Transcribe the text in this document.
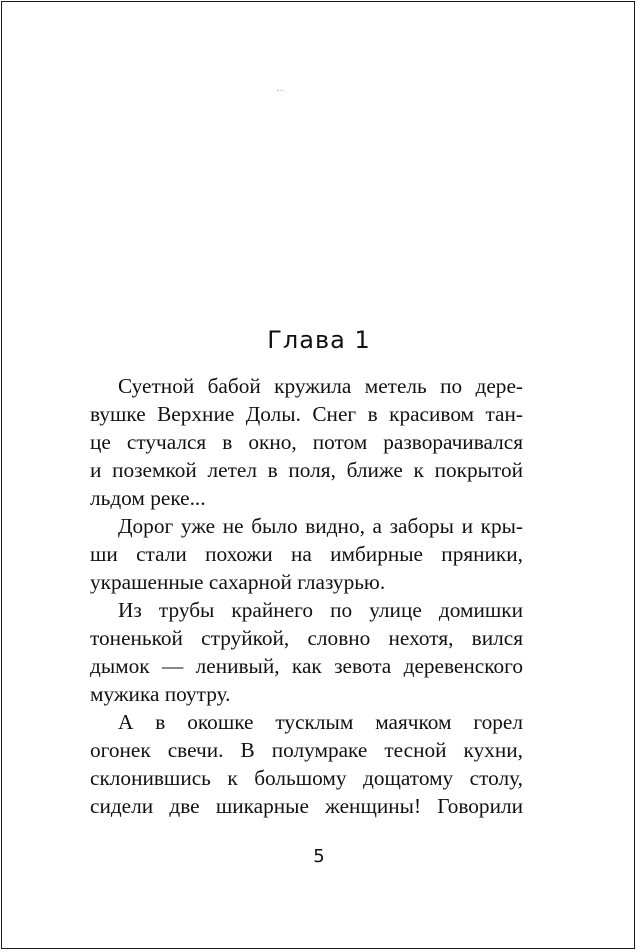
Глава 1
Суетной бабой кружила метель по дере-
вушке Верхние Долы. Снег в красивом тан-
це стучался в окно, потом разворачивался
и поземкой летел в поля, ближе к покрытой
льдом реке...
Дорог уже не было видно, а заборы и кры-
ши стали похожи на имбирные пряники,
украшенные сахарной глазурью.
Из трубы крайнего по улице домишки
тоненькой струйкой, словно нехотя, вился
дымок — ленивый, как зевота деревенского
мужика поутру.
А в окошке тусклым маячком горел
огонек свечи. В полумраке тесной кухни,
склонившись к большому дощатому столу,
сидели две шикарные женщины! Говорили
5
